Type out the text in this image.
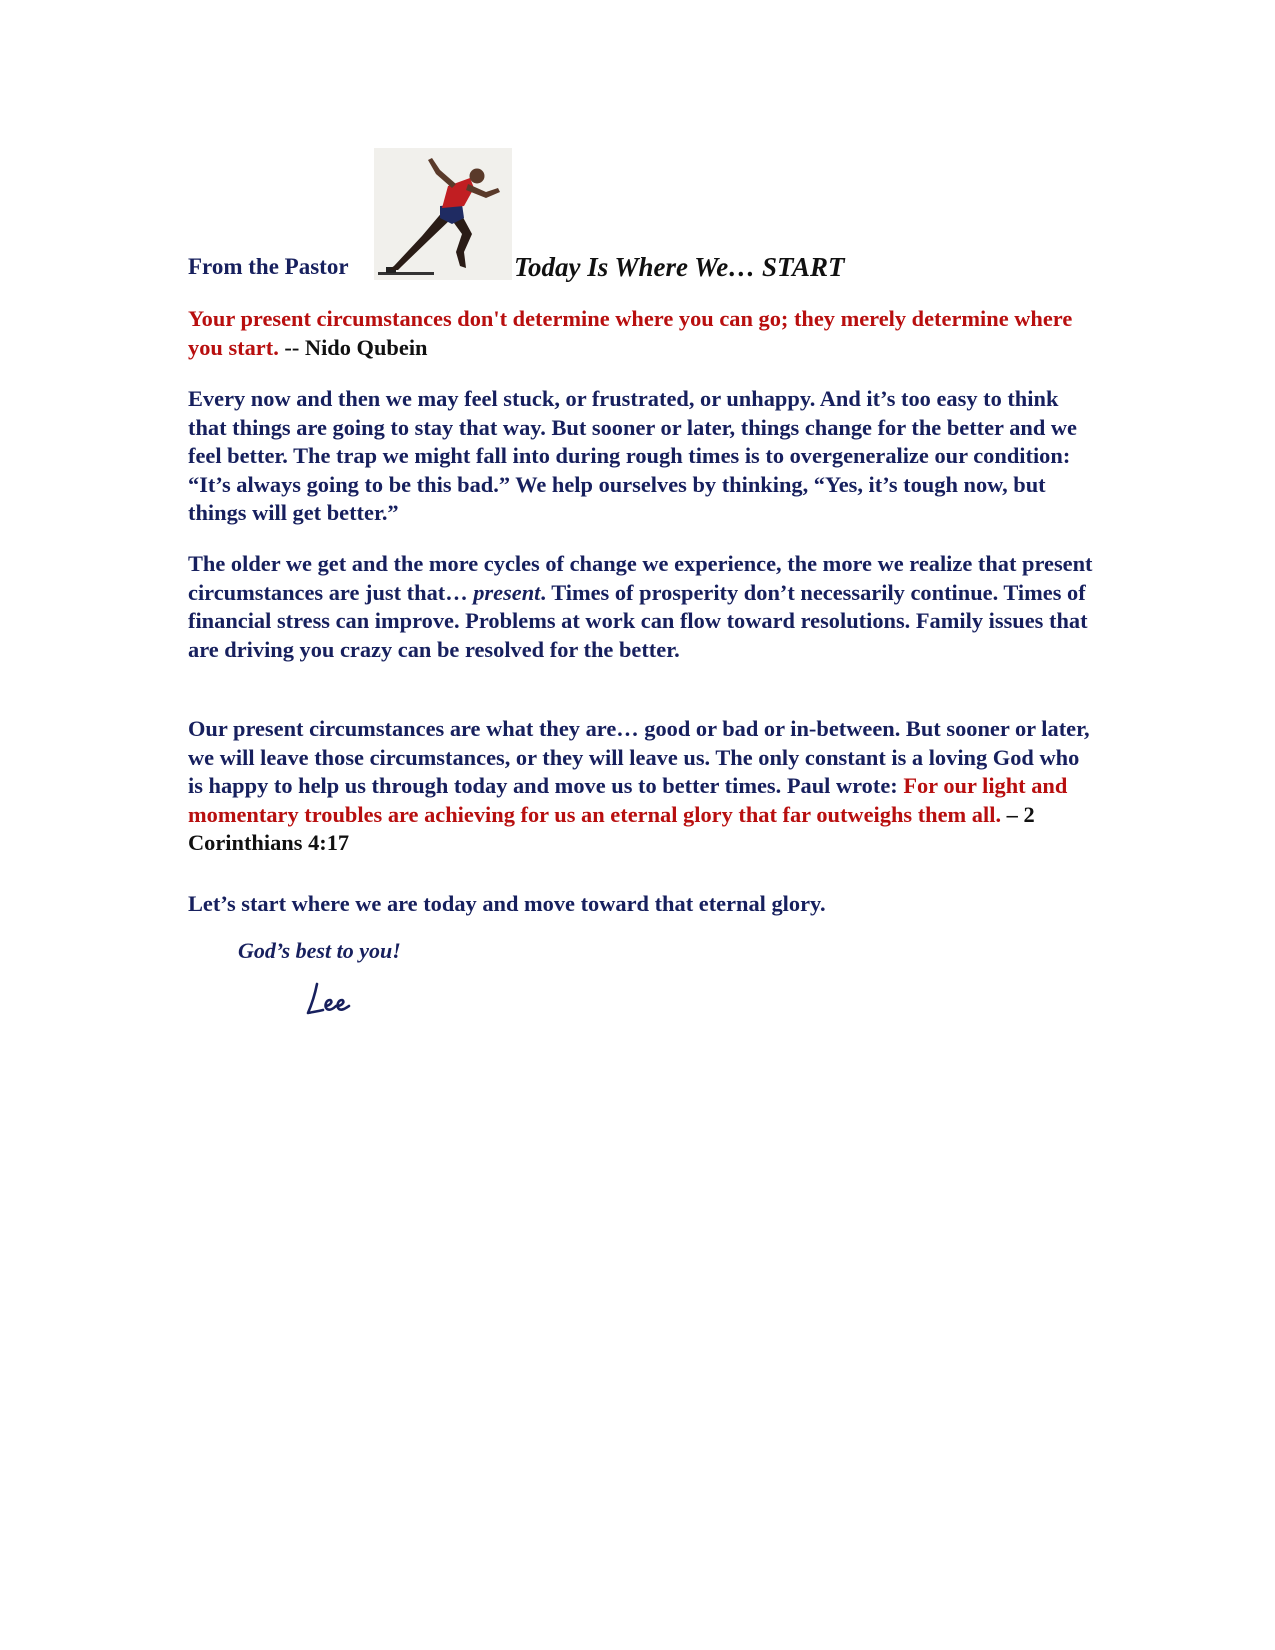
From the Pastor	Today Is Where We… START

Your present circumstances don't determine where you can go; they merely determine where you start. -- Nido Qubein

Every now and then we may feel stuck, or frustrated, or unhappy. And it’s too easy to think that things are going to stay that way. But sooner or later, things change for the better and we feel better. The trap we might fall into during rough times is to overgeneralize our condition: “It’s always going to be this bad.” We help ourselves by thinking, “Yes, it’s tough now, but things will get better.”

The older we get and the more cycles of change we experience, the more we realize that present circumstances are just that… present. Times of prosperity don’t necessarily continue. Times of financial stress can improve. Problems at work can flow toward resolutions. Family issues that are driving you crazy can be resolved for the better.

Our present circumstances are what they are… good or bad or in-between. But sooner or later, we will leave those circumstances, or they will leave us. The only constant is a loving God who is happy to help us through today and move us to better times. Paul wrote: For our light and momentary troubles are achieving for us an eternal glory that far outweighs them all. – 2 Corinthians 4:17

Let’s start where we are today and move toward that eternal glory.

God’s best to you!
